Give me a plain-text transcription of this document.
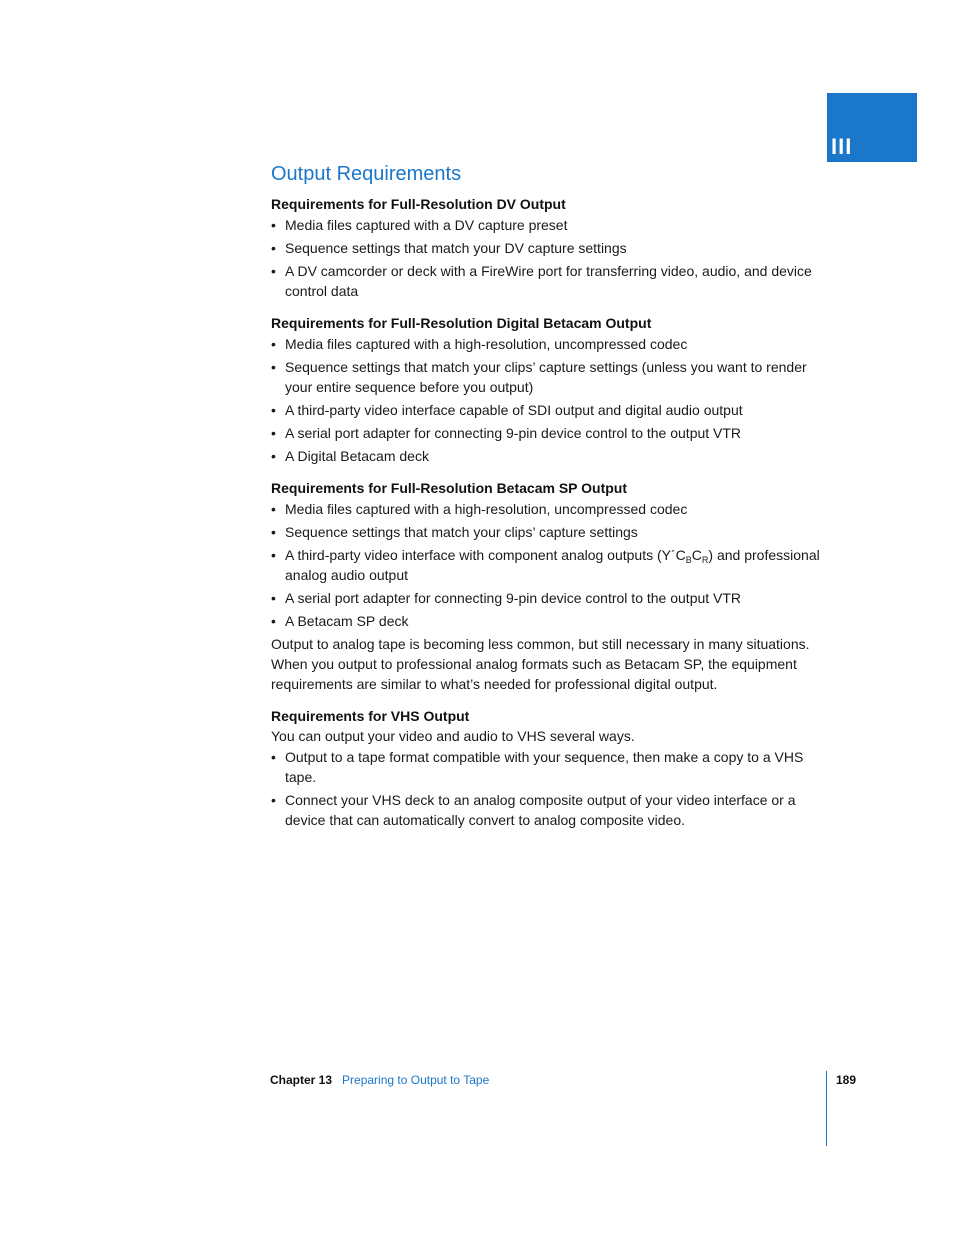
III
Output Requirements
Requirements for Full-Resolution DV Output
• Media files captured with a DV capture preset
• Sequence settings that match your DV capture settings
• A DV camcorder or deck with a FireWire port for transferring video, audio, and device control data
Requirements for Full-Resolution Digital Betacam Output
• Media files captured with a high-resolution, uncompressed codec
• Sequence settings that match your clips’ capture settings (unless you want to render your entire sequence before you output)
• A third-party video interface capable of SDI output and digital audio output
• A serial port adapter for connecting 9-pin device control to the output VTR
• A Digital Betacam deck
Requirements for Full-Resolution Betacam SP Output
• Media files captured with a high-resolution, uncompressed codec
• Sequence settings that match your clips’ capture settings
• A third-party video interface with component analog outputs $(Y´C_BC_R)$ and professional analog audio output
• A serial port adapter for connecting 9-pin device control to the output VTR
• A Betacam SP deck

Output to analog tape is becoming less common, but still necessary in many situations. When you output to professional analog formats such as Betacam SP, the equipment requirements are similar to what’s needed for professional digital output.

Requirements for VHS Output

You can output your video and audio to VHS several ways.

• Output to a tape format compatible with your sequence, then make a copy to a VHS tape.
• Connect your VHS deck to an analog composite output of your video interface or a device that can automatically convert to analog composite video.
Chapter 13 Preparing to Output to Tape	189
